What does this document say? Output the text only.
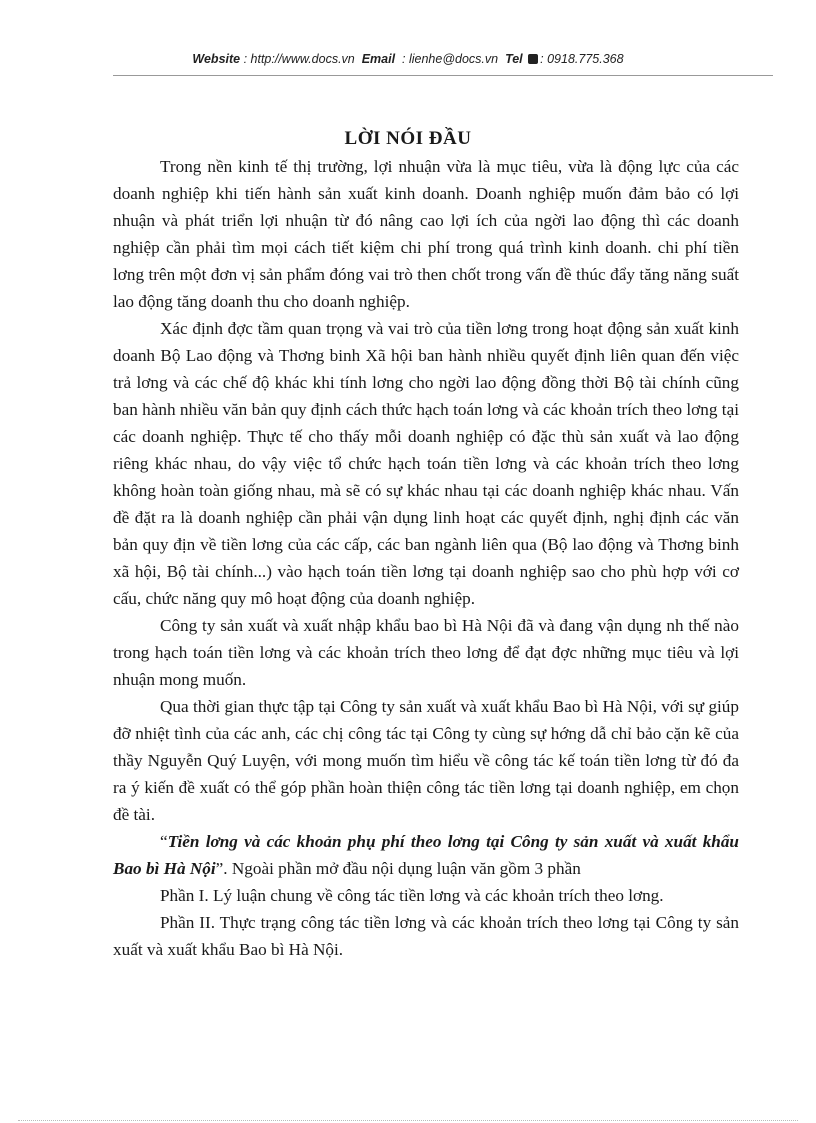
Website : http://www.docs.vn Email : lienhe@docs.vn Tel : 0918.775.368
LỜI NÓI ĐẦU

Trong nền kinh tế thị trường, lợi nhuận vừa là mục tiêu, vừa là động lực của các doanh nghiệp khi tiến hành sản xuất kinh doanh. Doanh nghiệp muốn đảm bảo có lợi nhuận và phát triển lợi nhuận từ đó nâng cao lợi ích của ngời lao động thì các doanh nghiệp cần phải tìm mọi cách tiết kiệm chi phí trong quá trình kinh doanh. chi phí tiền lơng trên một đơn vị sản phẩm đóng vai trò then chốt trong vấn đề thúc đẩy tăng năng suất lao động tăng doanh thu cho doanh nghiệp.

Xác định đợc tầm quan trọng và vai trò của tiền lơng trong hoạt động sản xuất kinh doanh Bộ Lao động và Thơng binh Xã hội ban hành nhiều quyết định liên quan đến việc trả lơng và các chế độ khác khi tính lơng cho ngời lao động đồng thời Bộ tài chính cũng ban hành nhiều văn bản quy định cách thức hạch toán lơng và các khoản trích theo lơng tại các doanh nghiệp. Thực tế cho thấy mỗi doanh nghiệp có đặc thù sản xuất và lao động riêng khác nhau, do vậy việc tổ chức hạch toán tiền lơng và các khoản trích theo lơng không hoàn toàn giống nhau, mà sẽ có sự khác nhau tại các doanh nghiệp khác nhau. Vấn đề đặt ra là doanh nghiệp cần phải vận dụng linh hoạt các quyết định, nghị định các văn bản quy địn về tiền lơng của các cấp, các ban ngành liên qua (Bộ lao động và Thơng binh xã hội, Bộ tài chính...) vào hạch toán tiền lơng tại doanh nghiệp sao cho phù hợp với cơ cấu, chức năng quy mô hoạt động của doanh nghiệp.

Công ty sản xuất và xuất nhập khẩu bao bì Hà Nội đã và đang vận dụng nh thế nào trong hạch toán tiền lơng và các khoản trích theo lơng để đạt đợc những mục tiêu và lợi nhuận mong muốn.

Qua thời gian thực tập tại Công ty sản xuất và xuất khẩu Bao bì Hà Nội, với sự giúp đỡ nhiệt tình của các anh, các chị công tác tại Công ty cùng sự hớng dẫ chỉ bảo cặn kẽ của thầy Nguyễn Quý Luyện, với mong muốn tìm hiểu về công tác kế toán tiền lơng từ đó đa ra ý kiến đề xuất có thể góp phần hoàn thiện công tác tiền lơng tại doanh nghiệp, em chọn đề tài.

“Tiền lơng và các khoản phụ phí theo lơng tại Công ty sản xuất và xuất khẩu Bao bì Hà Nội”. Ngoài phần mở đầu nội dụng luận văn gồm 3 phần

Phần I. Lý luận chung về công tác tiền lơng và các khoản trích theo lơng.

Phần II. Thực trạng công tác tiền lơng và các khoản trích theo lơng tại Công ty sản xuất và xuất khẩu Bao bì Hà Nội.
